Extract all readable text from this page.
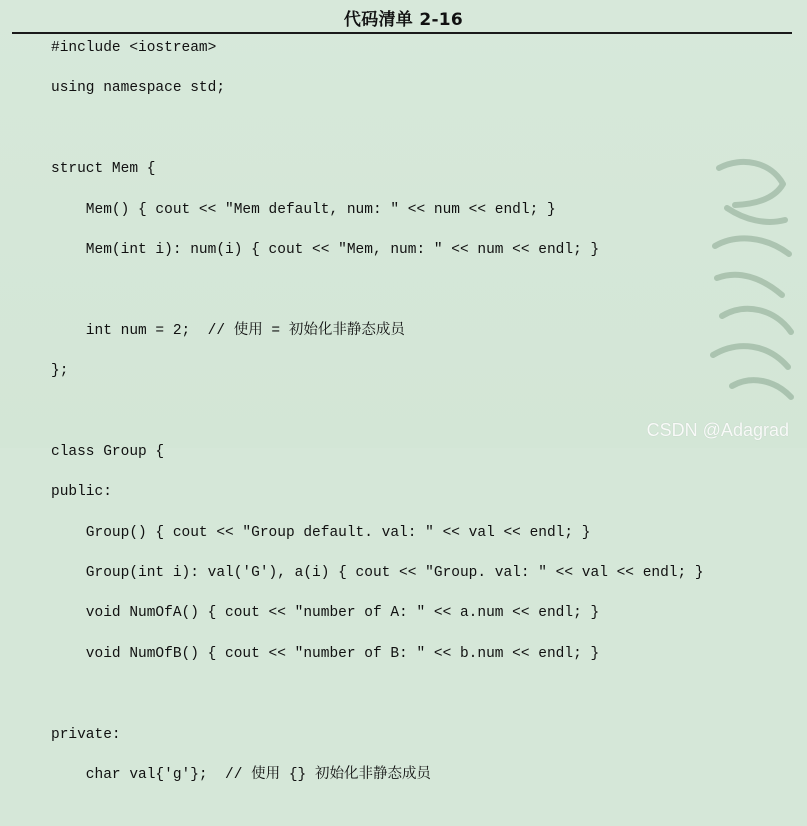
代码清单 2-16
#include <iostream>

using namespace std;

struct Mem {

Mem() { cout << "Mem default, num: " << num << endl; }

Mem(int i): num(i) { cout << "Mem, num: " << num << endl; }

int num = 2;  // 使用 = 初始化非静态成员

};

class Group {

public:

Group() { cout << "Group default. val: " << val << endl; }

Group(int i): val('G'), a(i) { cout << "Group. val: " << val << endl; }

void NumOfA() { cout << "number of A: " << a.num << endl; }

void NumOfB() { cout << "number of B: " << b.num << endl; }

private:

char val{'g'};  // 使用 {} 初始化非静态成员

CSDN @Adagrad
